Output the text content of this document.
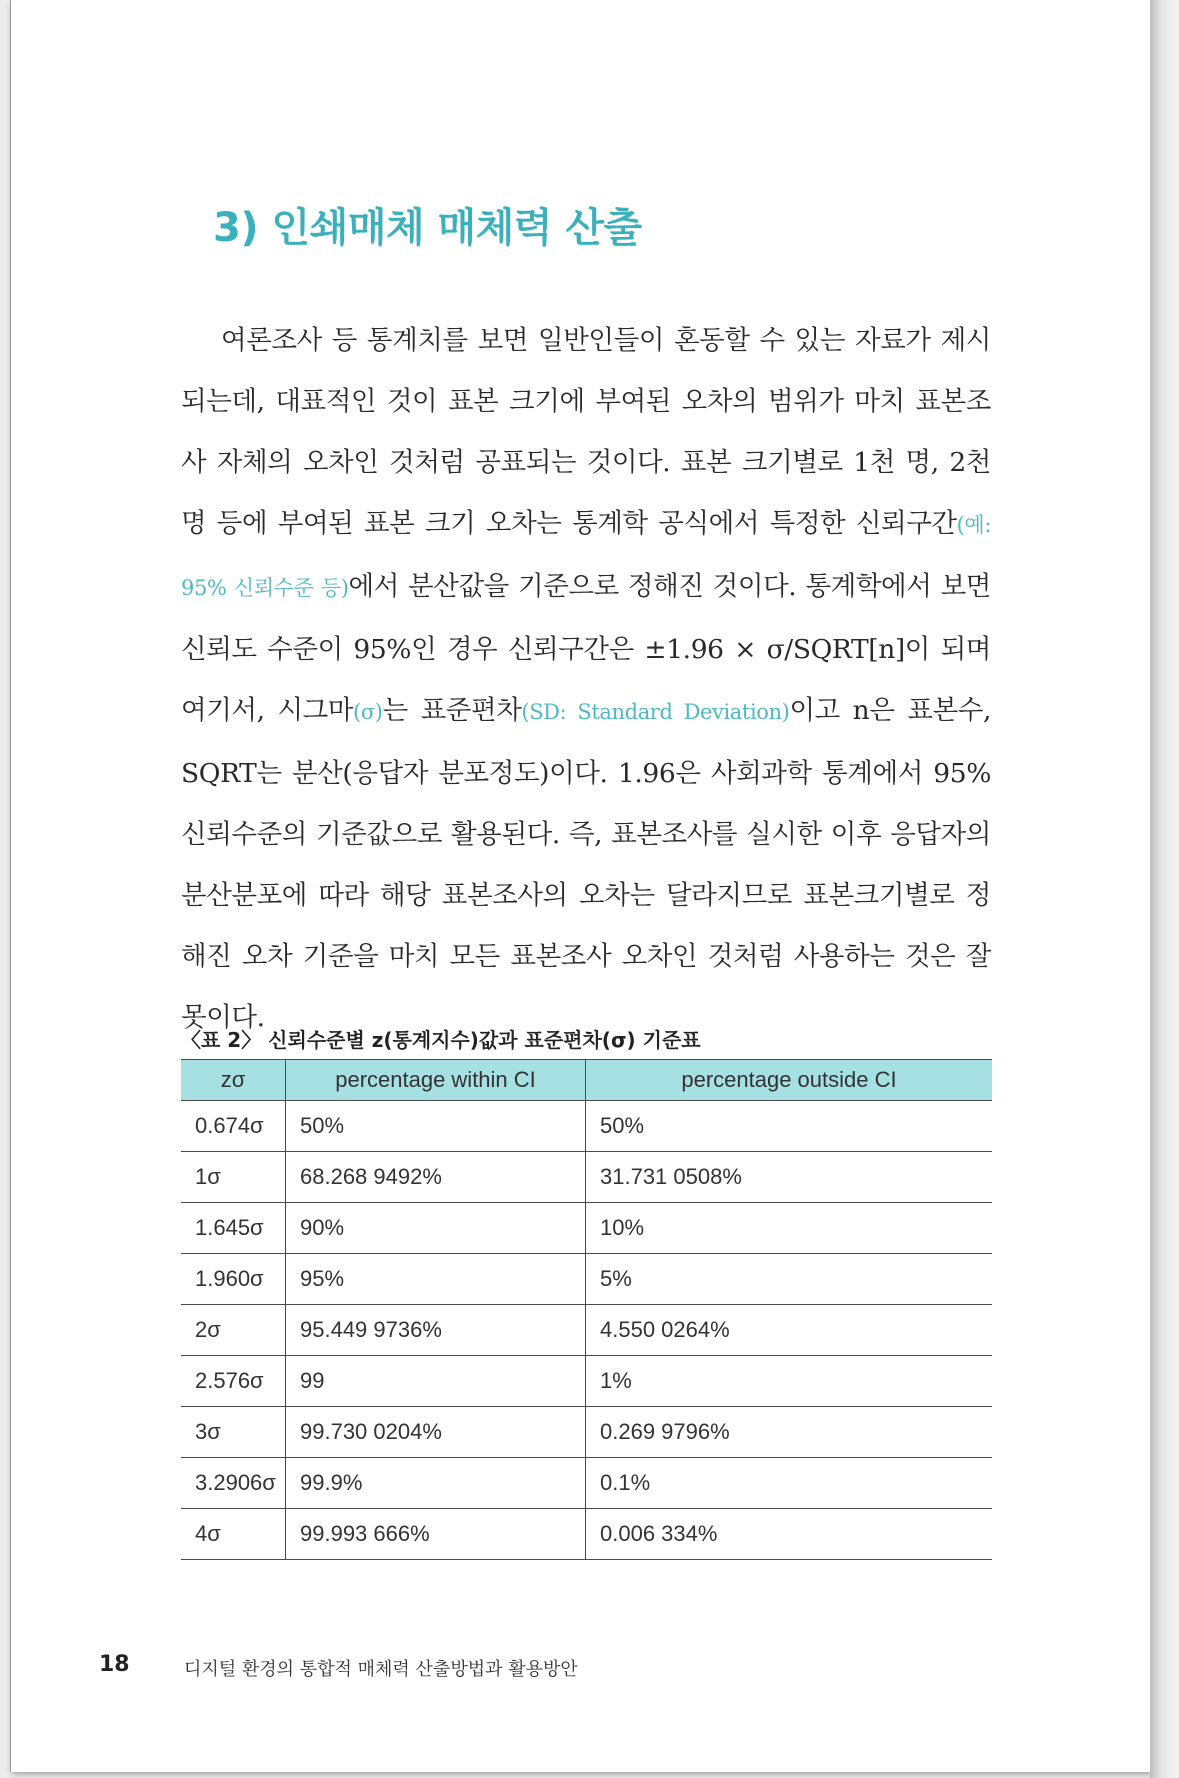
3) 인쇄매체 매체력 산출

여론조사 등 통계치를 보면 일반인들이 혼동할 수 있는 자료가 제시되는데, 대표적인 것이 표본 크기에 부여된 오차의 범위가 마치 표본조사 자체의 오차인 것처럼 공표되는 것이다. 표본 크기별로 1천 명, 2천 명 등에 부여된 표본 크기 오차는 통계학 공식에서 특정한 신뢰구간(예: 95% 신뢰수준 등)에서 분산값을 기준으로 정해진 것이다. 통계학에서 보면 신뢰도 수준이 95%인 경우 신뢰구간은 ±1.96 × σ/SQRT[n]이 되며 여기서, 시그마(σ)는 표준편차(SD: Standard Deviation)이고 n은 표본수, SQRT는 분산(응답자 분포정도)이다. 1.96은 사회과학 통계에서 95% 신뢰수준의 기준값으로 활용된다. 즉, 표본조사를 실시한 이후 응답자의 분산분포에 따라 해당 표본조사의 오차는 달라지므로 표본크기별로 정해진 오차 기준을 마치 모든 표본조사 오차인 것처럼 사용하는 것은 잘못이다.

〈표 2〉 신뢰수준별 z(통계지수)값과 표준편차(σ) 기준표
zσ	percentage within CI	percentage outside CI
0.674σ	50%	50%
1σ	68.268 9492%	31.731 0508%
1.645σ	90%	10%
1.960σ	95%	5%
2σ	95.449 9736%	4.550 0264%
2.576σ	99	1%
3σ	99.730 0204%	0.269 9796%
3.2906σ	99.9%	0.1%
4σ	99.993 666%	0.006 334%
18	디지털 환경의 통합적 매체력 산출방법과 활용방안
